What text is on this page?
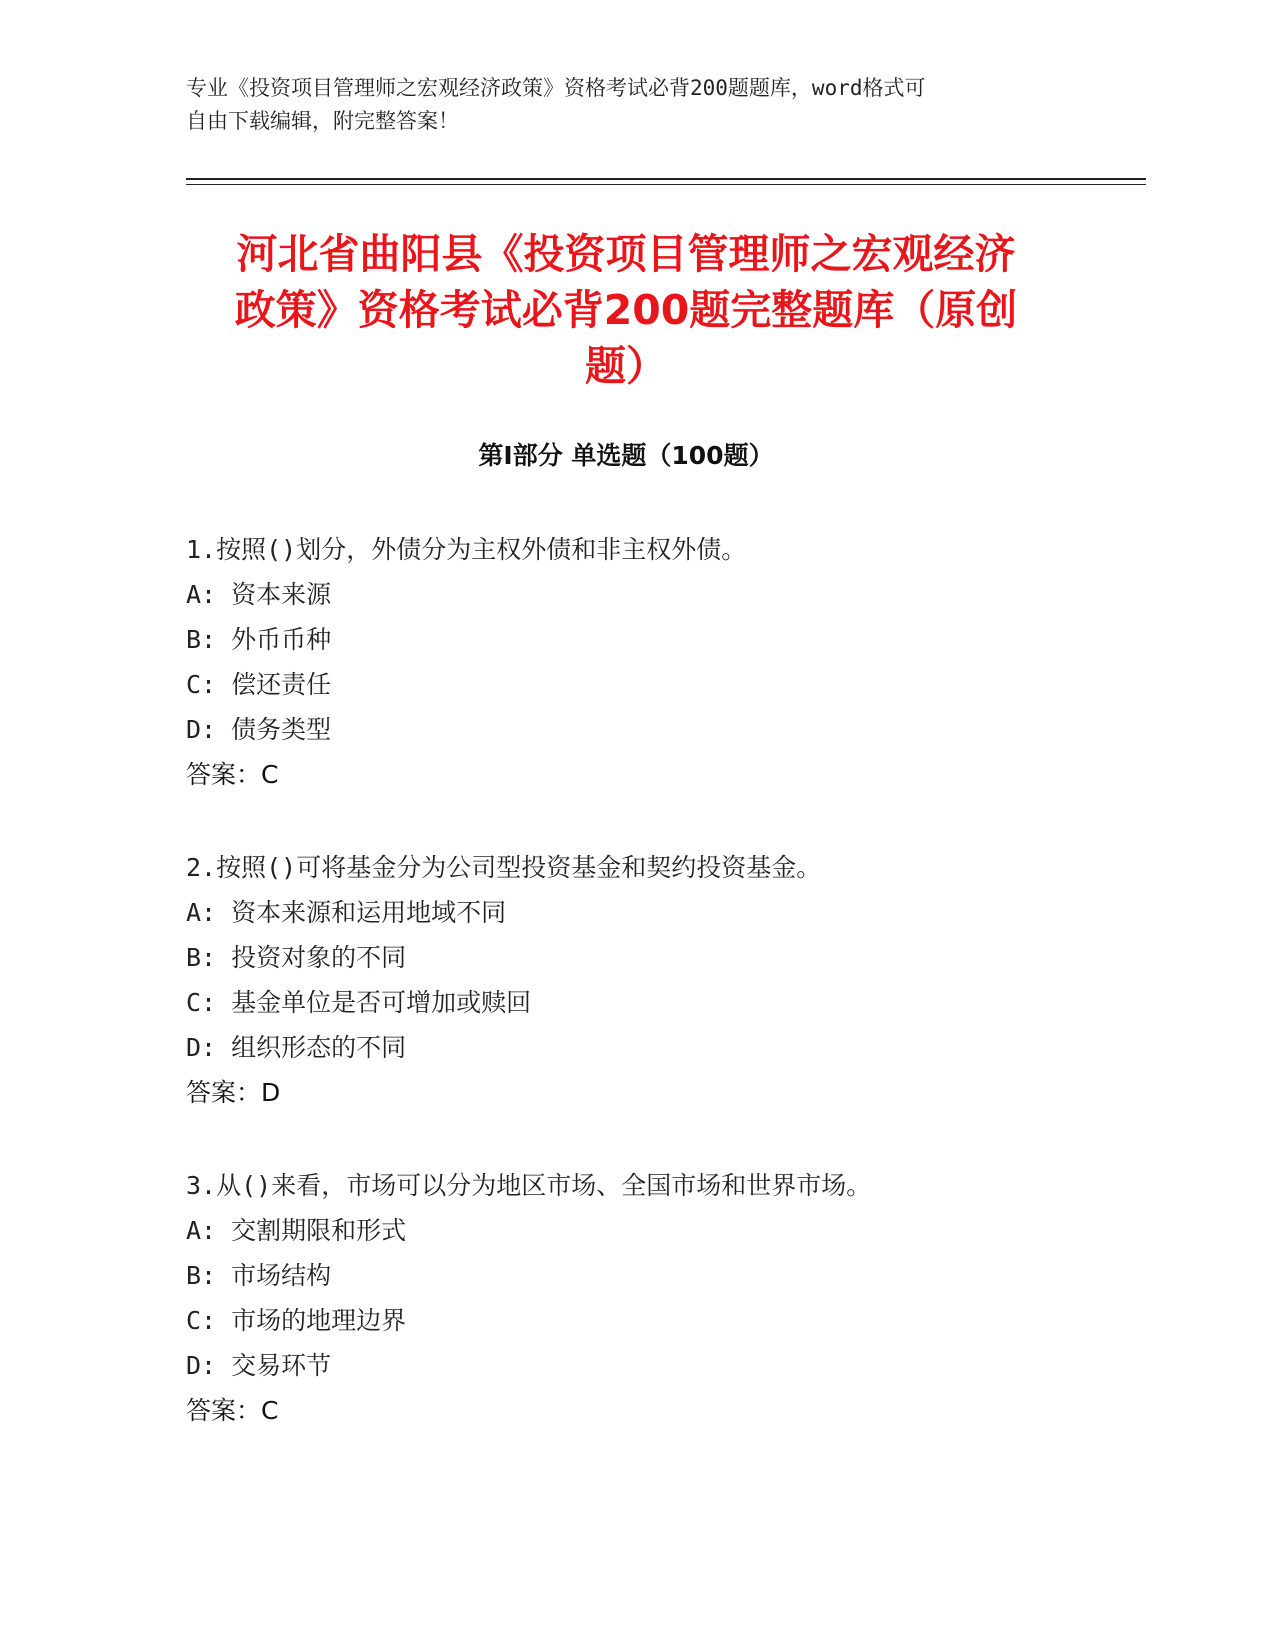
专业《投资项目管理师之宏观经济政策》资格考试必背200题题库，word格式可
自由下载编辑，附完整答案！
河北省曲阳县《投资项目管理师之宏观经济
政策》资格考试必背200题完整题库（原创
题）
第I部分 单选题（100题）
1.按照()划分，外债分为主权外债和非主权外债。
A: 资本来源
B: 外币币种
C: 偿还责任
D: 债务类型
答案：C
2.按照()可将基金分为公司型投资基金和契约投资基金。
A: 资本来源和运用地域不同
B: 投资对象的不同
C: 基金单位是否可增加或赎回
D: 组织形态的不同
答案：D
3.从()来看，市场可以分为地区市场、全国市场和世界市场。
A: 交割期限和形式
B: 市场结构
C: 市场的地理边界
D: 交易环节
答案：C
